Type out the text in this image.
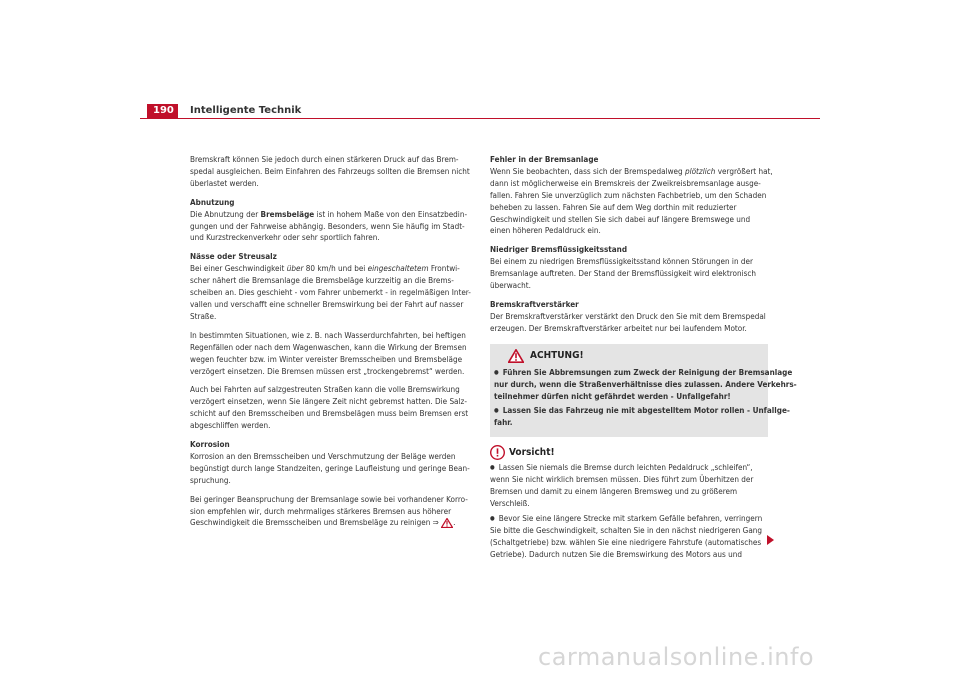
190	Intelligente Technik
Bremskraft können Sie jedoch durch einen stärkeren Druck auf das Brem-
spedal ausgleichen. Beim Einfahren des Fahrzeugs sollten die Bremsen nicht
überlastet werden.
Abnutzung
Die Abnutzung der Bremsbeläge ist in hohem Maße von den Einsatzbedin-
gungen und der Fahrweise abhängig. Besonders, wenn Sie häufig im Stadt-
und Kurzstreckenverkehr oder sehr sportlich fahren.
Nässe oder Streusalz
Bei einer Geschwindigkeit über 80 km/h und bei eingeschaltetem Frontwi-
scher nähert die Bremsanlage die Bremsbeläge kurzzeitig an die Brems-
scheiben an. Dies geschieht - vom Fahrer unbemerkt - in regelmäßigen Inter-
vallen und verschafft eine schneller Bremswirkung bei der Fahrt auf nasser
Straße.
In bestimmten Situationen, wie z. B. nach Wasserdurchfahrten, bei heftigen
Regenfällen oder nach dem Wagenwaschen, kann die Wirkung der Bremsen
wegen feuchter bzw. im Winter vereister Bremsscheiben und Bremsbeläge
verzögert einsetzen. Die Bremsen müssen erst „trockengebremst“ werden.
Auch bei Fahrten auf salzgestreuten Straßen kann die volle Bremswirkung
verzögert einsetzen, wenn Sie längere Zeit nicht gebremst hatten. Die Salz-
schicht auf den Bremsscheiben und Bremsbelägen muss beim Bremsen erst
abgeschliffen werden.
Korrosion
Korrosion an den Bremsscheiben und Verschmutzung der Beläge werden
begünstigt durch lange Standzeiten, geringe Laufleistung und geringe Bean-
spruchung.
Bei geringer Beanspruchung der Bremsanlage sowie bei vorhandener Korro-
sion empfehlen wir, durch mehrmaliges stärkeres Bremsen aus höherer
Geschwindigkeit die Bremsscheiben und Bremsbeläge zu reinigen ⇒ .
Fehler in der Bremsanlage
Wenn Sie beobachten, dass sich der Bremspedalweg plötzlich vergrößert hat,
dann ist möglicherweise ein Bremskreis der Zweikreisbremsanlage ausge-
fallen. Fahren Sie unverzüglich zum nächsten Fachbetrieb, um den Schaden
beheben zu lassen. Fahren Sie auf dem Weg dorthin mit reduzierter
Geschwindigkeit und stellen Sie sich dabei auf längere Bremswege und
einen höheren Pedaldruck ein.
Niedriger Bremsflüssigkeitsstand
Bei einem zu niedrigen Bremsflüssigkeitsstand können Störungen in der
Bremsanlage auftreten. Der Stand der Bremsflüssigkeit wird elektronisch
überwacht.
Bremskraftverstärker
Der Bremskraftverstärker verstärkt den Druck den Sie mit dem Bremspedal
erzeugen. Der Bremskraftverstärker arbeitet nur bei laufendem Motor.
ACHTUNG!
● Führen Sie Abbremsungen zum Zweck der Reinigung der Bremsanlage
nur durch, wenn die Straßenverhältnisse dies zulassen. Andere Verkehrs-
teilnehmer dürfen nicht gefährdet werden - Unfallgefahr!
● Lassen Sie das Fahrzeug nie mit abgestelltem Motor rollen - Unfallge-
fahr.
Vorsicht!
● Lassen Sie niemals die Bremse durch leichten Pedaldruck „schleifen“,
wenn Sie nicht wirklich bremsen müssen. Dies führt zum Überhitzen der
Bremsen und damit zu einem längeren Bremsweg und zu größerem
Verschleiß.
● Bevor Sie eine längere Strecke mit starkem Gefälle befahren, verringern
Sie bitte die Geschwindigkeit, schalten Sie in den nächst niedrigeren Gang
(Schaltgetriebe) bzw. wählen Sie eine niedrigere Fahrstufe (automatisches
Getriebe). Dadurch nutzen Sie die Bremswirkung des Motors aus und
carmanualsonline.info
